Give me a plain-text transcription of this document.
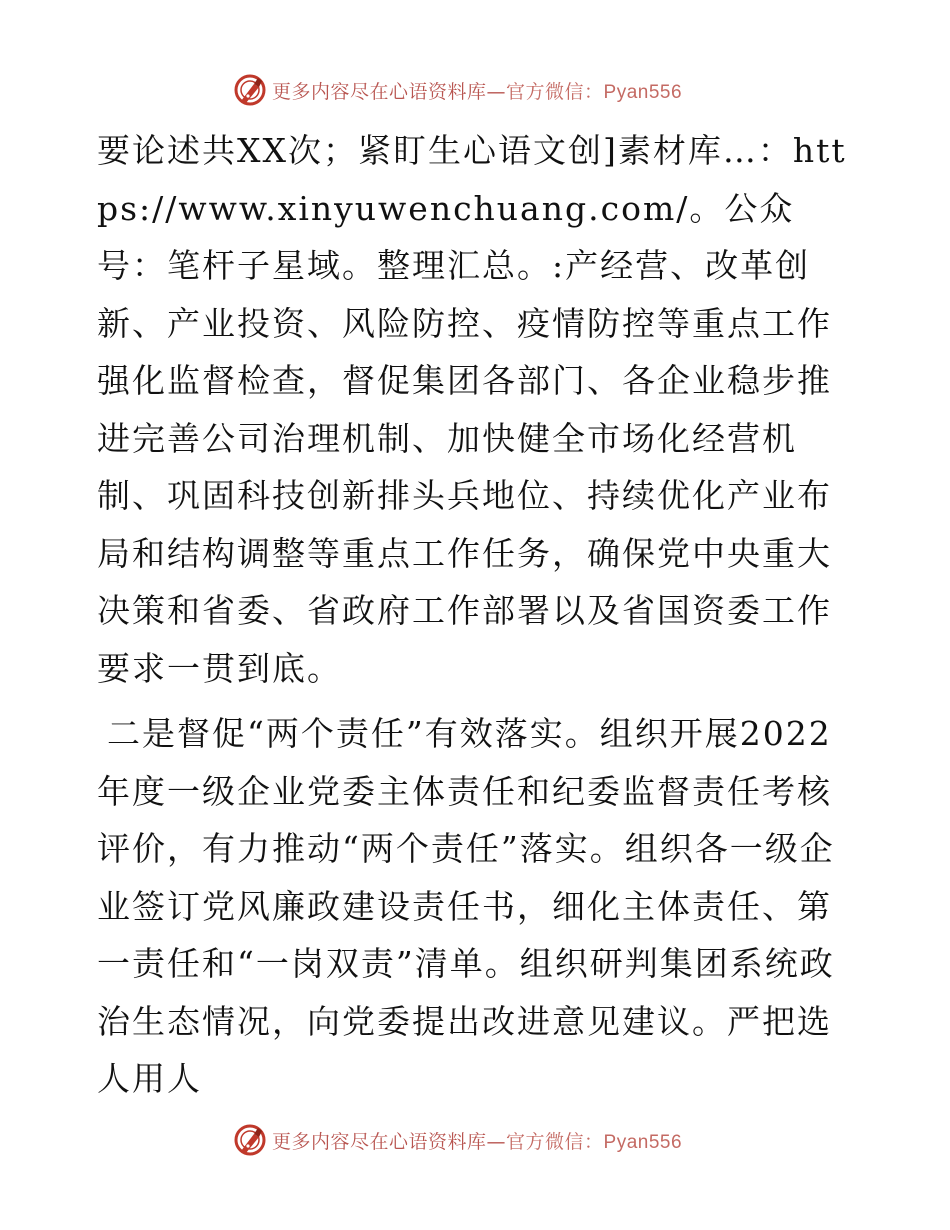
更多内容尽在心语资料库—官方微信：Pyan556

要论述共XX次；紧盯生心语文创]素材库…：https://www.xinyuwenchuang.com/。公众号：笔杆子星域。整理汇总。:产经营、改革创新、产业投资、风险防控、疫情防控等重点工作强化监督检查，督促集团各部门、各企业稳步推进完善公司治理机制、加快健全市场化经营机制、巩固科技创新排头兵地位、持续优化产业布局和结构调整等重点工作任务，确保党中央重大决策和省委、省政府工作部署以及省国资委工作要求一贯到底。

二是督促“两个责任”有效落实。组织开展2022年度一级企业党委主体责任和纪委监督责任考核评价，有力推动“两个责任”落实。组织各一级企业签订党风廉政建设责任书，细化主体责任、第一责任和“一岗双责”清单。组织研判集团系统政治生态情况，向党委提出改进意见建议。严把选人用人

更多内容尽在心语资料库—官方微信：Pyan556
